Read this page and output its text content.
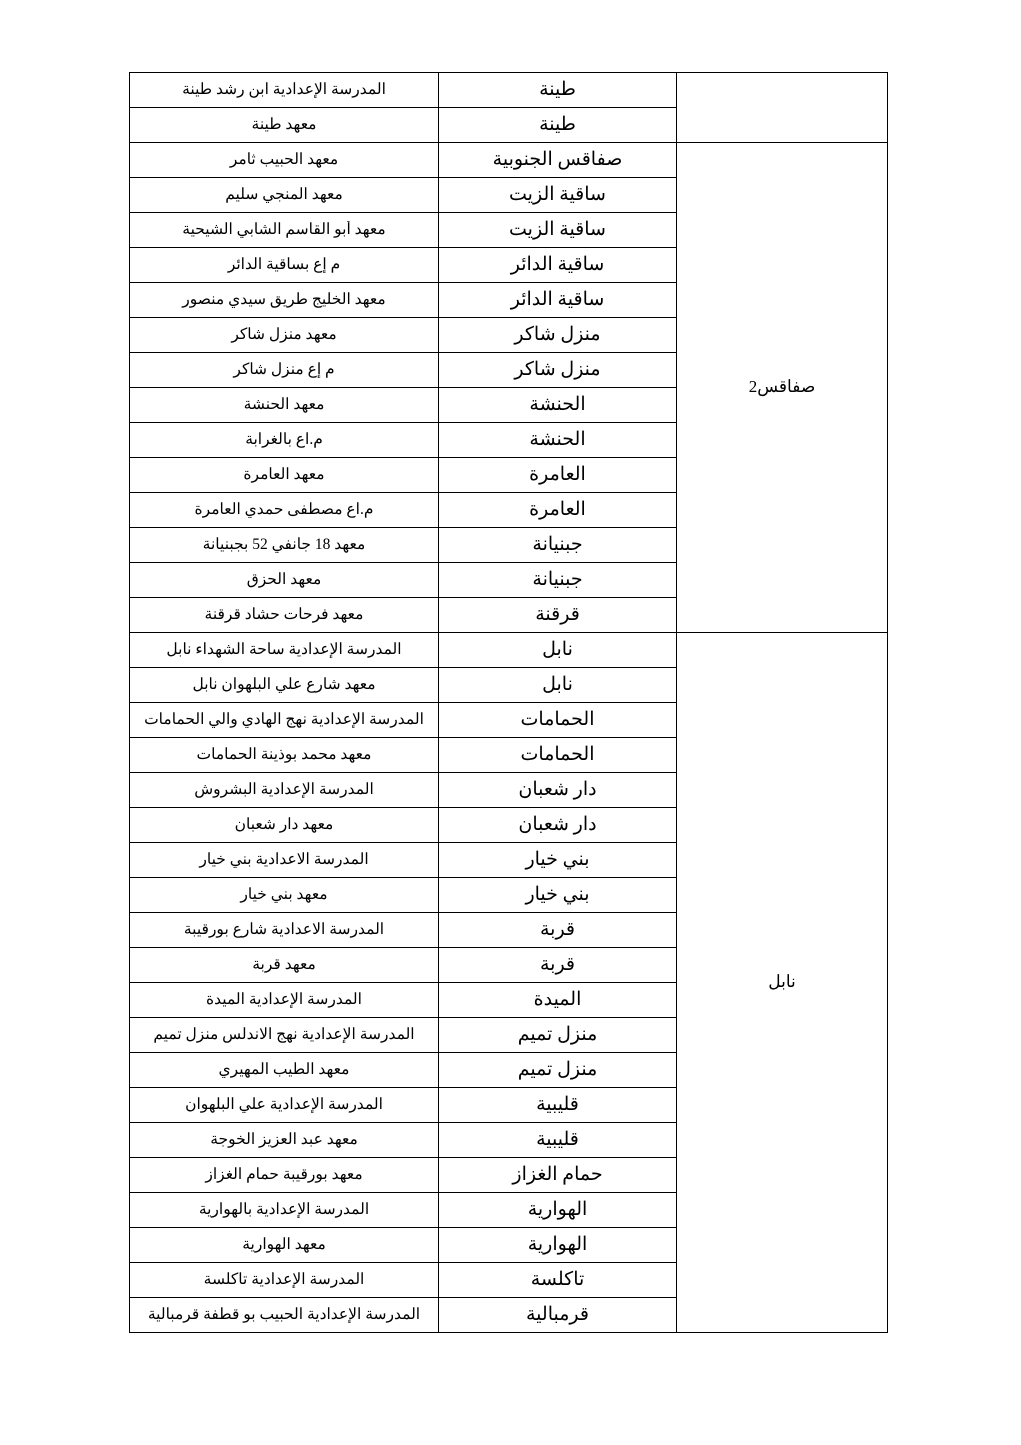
	طينة	المدرسة الإعدادية ابن رشد طينة

	طينة	معهد طينة

صفاقس2	صفاقس الجنوبية	معهد الحبيب ثامر

	ساقية الزيت	معهد المنجي سليم

	ساقية الزيت	معهد أبو القاسم الشابي الشيحية

	ساقية الدائر	م إع بساقية الدائر

	ساقية الدائر	معهد الخليج طريق سيدي منصور

	منزل شاكر	معهد منزل شاكر

	منزل شاكر	م إع منزل شاكر

	الحنشة	معهد الحنشة

	الحنشة	م.اع بالغرابة

	العامرة	معهد العامرة

	العامرة	م.اع مصطفى حمدي العامرة

	جبنيانة	معهد 18 جانفي 52 بجبنيانة

	جبنيانة	معهد الحزق

	قرقنة	معهد فرحات حشاد قرقنة

نابل	نابل	المدرسة الإعدادية ساحة الشهداء نابل

	نابل	معهد شارع علي البلهوان نابل

	الحمامات	المدرسة الإعدادية نهج الهادي والي الحمامات

	الحمامات	معهد محمد بوذينة الحمامات

	دار شعبان	المدرسة الإعدادية البشروش

	دار شعبان	معهد دار شعبان

	بني خيار	المدرسة الاعدادية بني خيار

	بني خيار	معهد بني خيار

	قربة	المدرسة الاعدادية شارع بورقيبة

	قربة	معهد قربة

	الميدة	المدرسة الإعدادية الميدة

	منزل تميم	المدرسة الإعدادية نهج الاندلس منزل تميم

	منزل تميم	معهد الطيب المهيري

	قليبية	المدرسة الإعدادية علي البلهوان

	قليبية	معهد عبد العزيز الخوجة

	حمام الغزاز	معهد بورقيبة حمام الغزاز

	الهوارية	المدرسة الإعدادية بالهوارية

	الهوارية	معهد الهوارية

	تاكلسة	المدرسة الإعدادية تاكلسة

	قرمبالية	المدرسة الإعدادية الحبيب بو قطفة قرمبالية
